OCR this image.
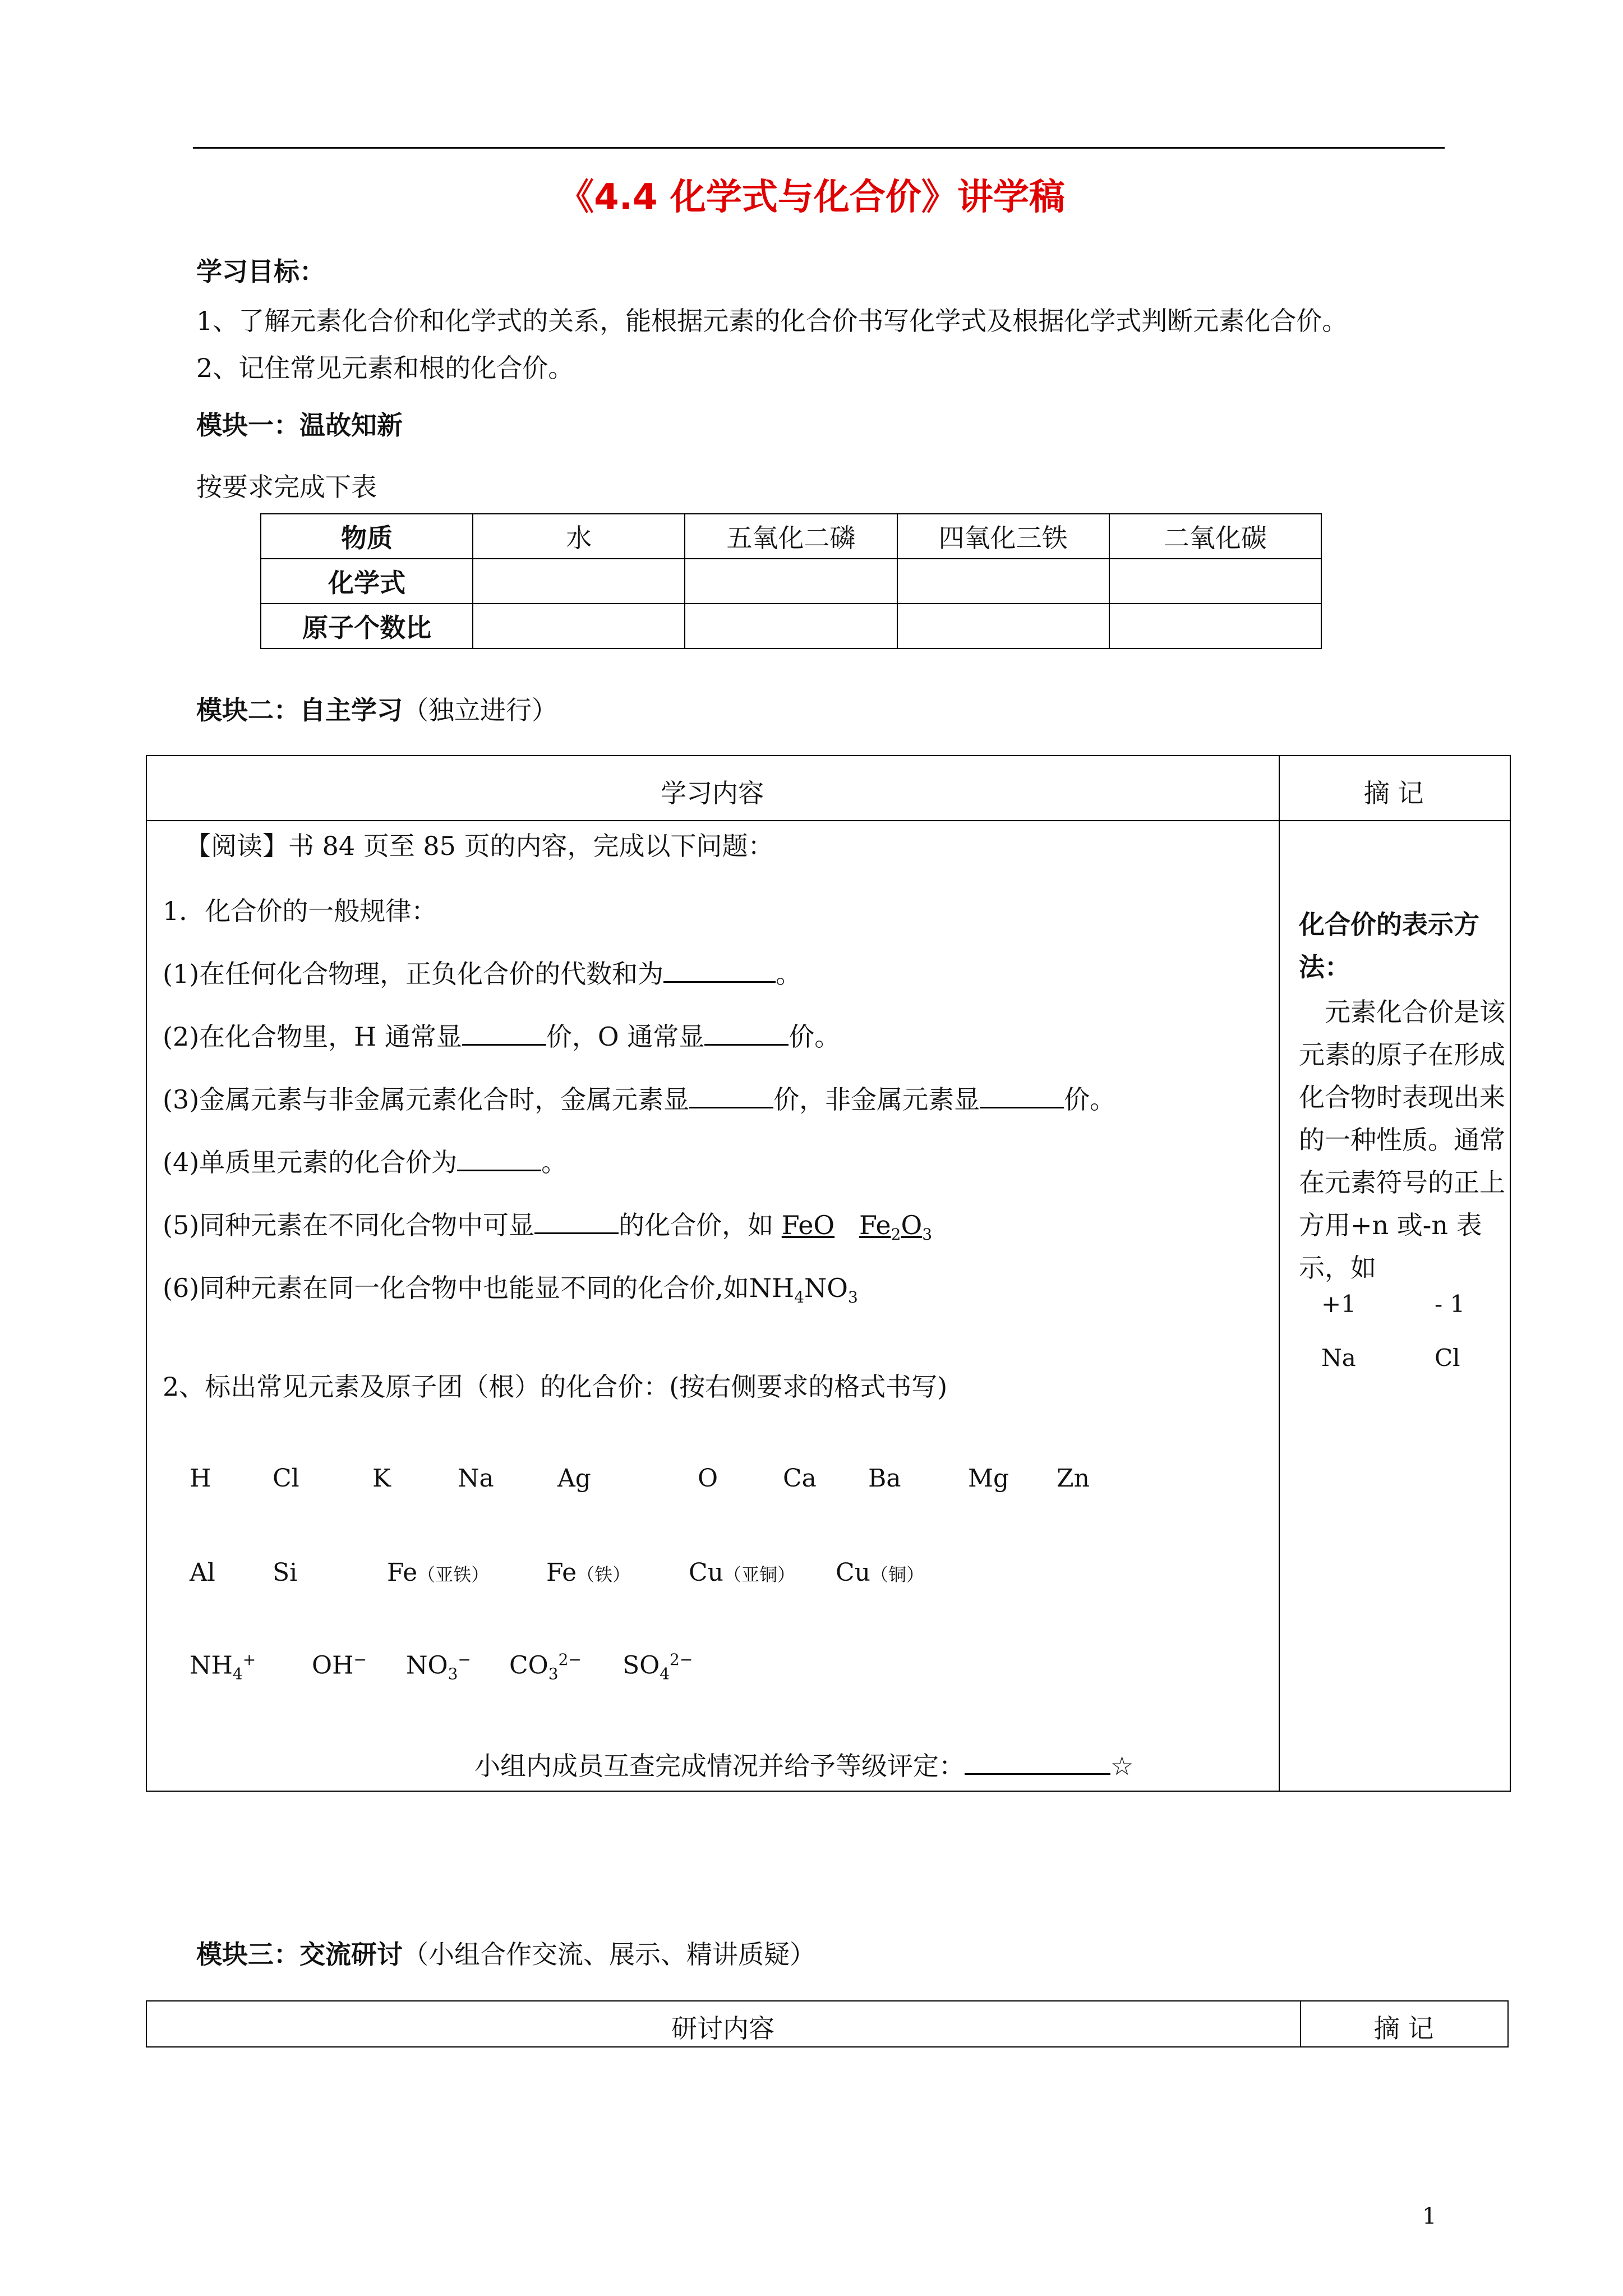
《4.4 化学式与化合价》讲学稿
学习目标：
1、了解元素化合价和化学式的关系，能根据元素的化合价书写化学式及根据化学式判断元素化合价。
2、记住常见元素和根的化合价。
模块一：温故知新
按要求完成下表
物质	水	五氧化二磷	四氧化三铁	二氧化碳
化学式				
原子个数比				
模块二：自主学习（独立进行）
学习内容	摘 记
【阅读】书 84 页至 85 页的内容，完成以下问题：
1．化合价的一般规律：
(1)在任何化合物理，正负化合价的代数和为	。
(2)在化合物里，H 通常显	价，O 通常显	价。
(3)金属元素与非金属元素化合时，金属元素显	价，非金属元素显	价。
(4)单质里元素的化合价为	。
(5)同种元素在不同化合物中可显	的化合价，如 FeO $Fe_2O_3$
(6)同种元素在同一化合物中也能显不同的化合价,如$NH_4NO_3$
2、标出常见元素及原子团（根）的化合价：(按右侧要求的格式书写)
H Cl	K	Na	Ag	O	Ca Ba	Mg Zn
Al Si	Fe（亚铁） Fe（铁） Cu（亚铜） Cu（铜）
$NH_4^+$ OH− $NO_3^-$ $CO_3^{2-}$ $SO_4^{2-}$
小组内成员互查完成情况并给予等级评定：	☆
化合价的表示方法：
元素化合价是该元素的原子在形成化合物时表现出来的一种性质。通常在元素符号的正上方用+n 或-n 表示，如
+1	- 1
Na	Cl
模块三：交流研讨（小组合作交流、展示、精讲质疑）
研讨内容	摘 记
1
